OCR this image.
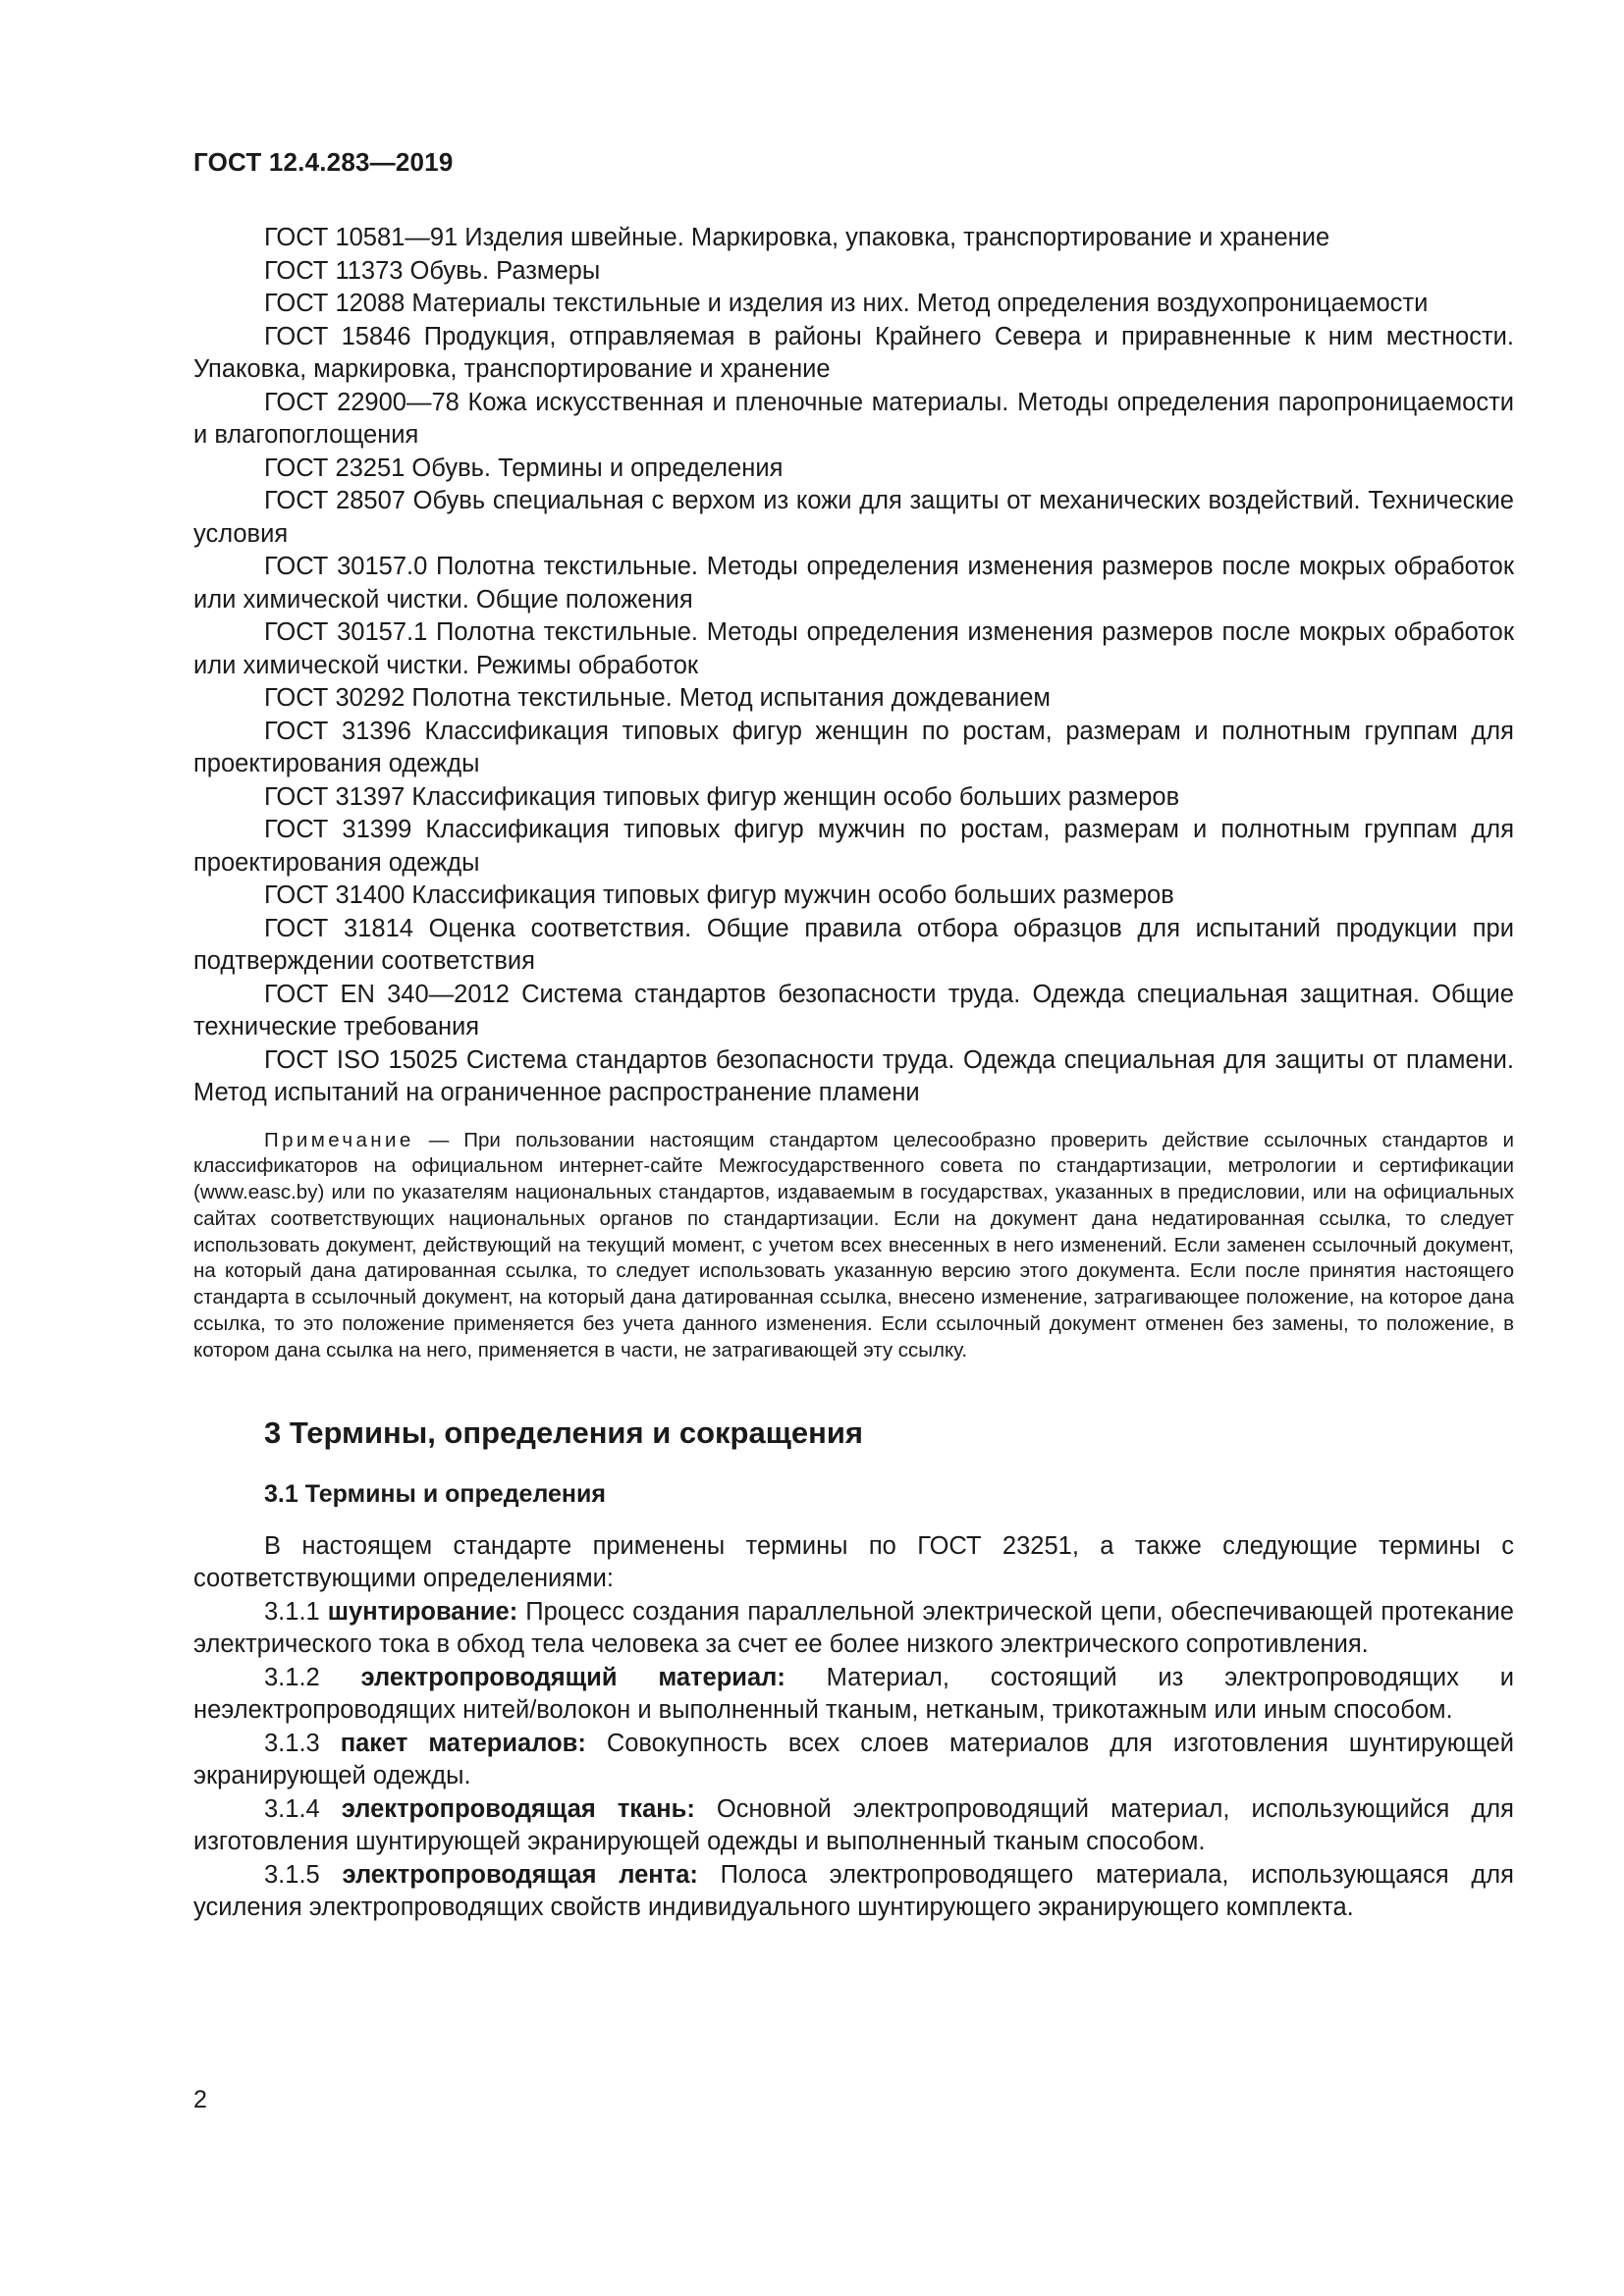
ГОСТ 12.4.283—2019

ГОСТ 10581—91 Изделия швейные. Маркировка, упаковка, транспортирование и хранение

ГОСТ 11373 Обувь. Размеры

ГОСТ 12088 Материалы текстильные и изделия из них. Метод определения воздухопроницаемости

ГОСТ 15846 Продукция, отправляемая в районы Крайнего Севера и приравненные к ним местности. Упаковка, маркировка, транспортирование и хранение

ГОСТ 22900—78 Кожа искусственная и пленочные материалы. Методы определения паропроницаемости и влагопоглощения

ГОСТ 23251 Обувь. Термины и определения

ГОСТ 28507 Обувь специальная с верхом из кожи для защиты от механических воздействий. Технические условия

ГОСТ 30157.0 Полотна текстильные. Методы определения изменения размеров после мокрых обработок или химической чистки. Общие положения

ГОСТ 30157.1 Полотна текстильные. Методы определения изменения размеров после мокрых обработок или химической чистки. Режимы обработок

ГОСТ 30292 Полотна текстильные. Метод испытания дождеванием

ГОСТ 31396 Классификация типовых фигур женщин по ростам, размерам и полнотным группам для проектирования одежды

ГОСТ 31397 Классификация типовых фигур женщин особо больших размеров

ГОСТ 31399 Классификация типовых фигур мужчин по ростам, размерам и полнотным группам для проектирования одежды

ГОСТ 31400 Классификация типовых фигур мужчин особо больших размеров

ГОСТ 31814 Оценка соответствия. Общие правила отбора образцов для испытаний продукции при подтверждении соответствия

ГОСТ EN 340—2012 Система стандартов безопасности труда. Одежда специальная защитная. Общие технические требования

ГОСТ ISO 15025 Система стандартов безопасности труда. Одежда специальная для защиты от пламени. Метод испытаний на ограниченное распространение пламени

Примечание — При пользовании настоящим стандартом целесообразно проверить действие ссылочных стандартов и классификаторов на официальном интернет-сайте Межгосударственного совета по стандартизации, метрологии и сертификации (www.easc.by) или по указателям национальных стандартов, издаваемым в государствах, указанных в предисловии, или на официальных сайтах соответствующих национальных органов по стандартизации. Если на документ дана недатированная ссылка, то следует использовать документ, действующий на текущий момент, с учетом всех внесенных в него изменений. Если заменен ссылочный документ, на который дана датированная ссылка, то следует использовать указанную версию этого документа. Если после принятия настоящего стандарта в ссылочный документ, на который дана датированная ссылка, внесено изменение, затрагивающее положение, на которое дана ссылка, то это положение применяется без учета данного изменения. Если ссылочный документ отменен без замены, то положение, в котором дана ссылка на него, применяется в части, не затрагивающей эту ссылку.

3 Термины, определения и сокращения
3.1 Термины и определения

В настоящем стандарте применены термины по ГОСТ 23251, а также следующие термины с соответствующими определениями:

3.1.1 шунтирование: Процесс создания параллельной электрической цепи, обеспечивающей протекание электрического тока в обход тела человека за счет ее более низкого электрического сопротивления.

3.1.2 электропроводящий материал: Материал, состоящий из электропроводящих и неэлектропроводящих нитей/волокон и выполненный тканым, нетканым, трикотажным или иным способом.

3.1.3 пакет материалов: Совокупность всех слоев материалов для изготовления шунтирующей экранирующей одежды.

3.1.4 электропроводящая ткань: Основной электропроводящий материал, использующийся для изготовления шунтирующей экранирующей одежды и выполненный тканым способом.

3.1.5 электропроводящая лента: Полоса электропроводящего материала, использующаяся для усиления электропроводящих свойств индивидуального шунтирующего экранирующего комплекта.

2
